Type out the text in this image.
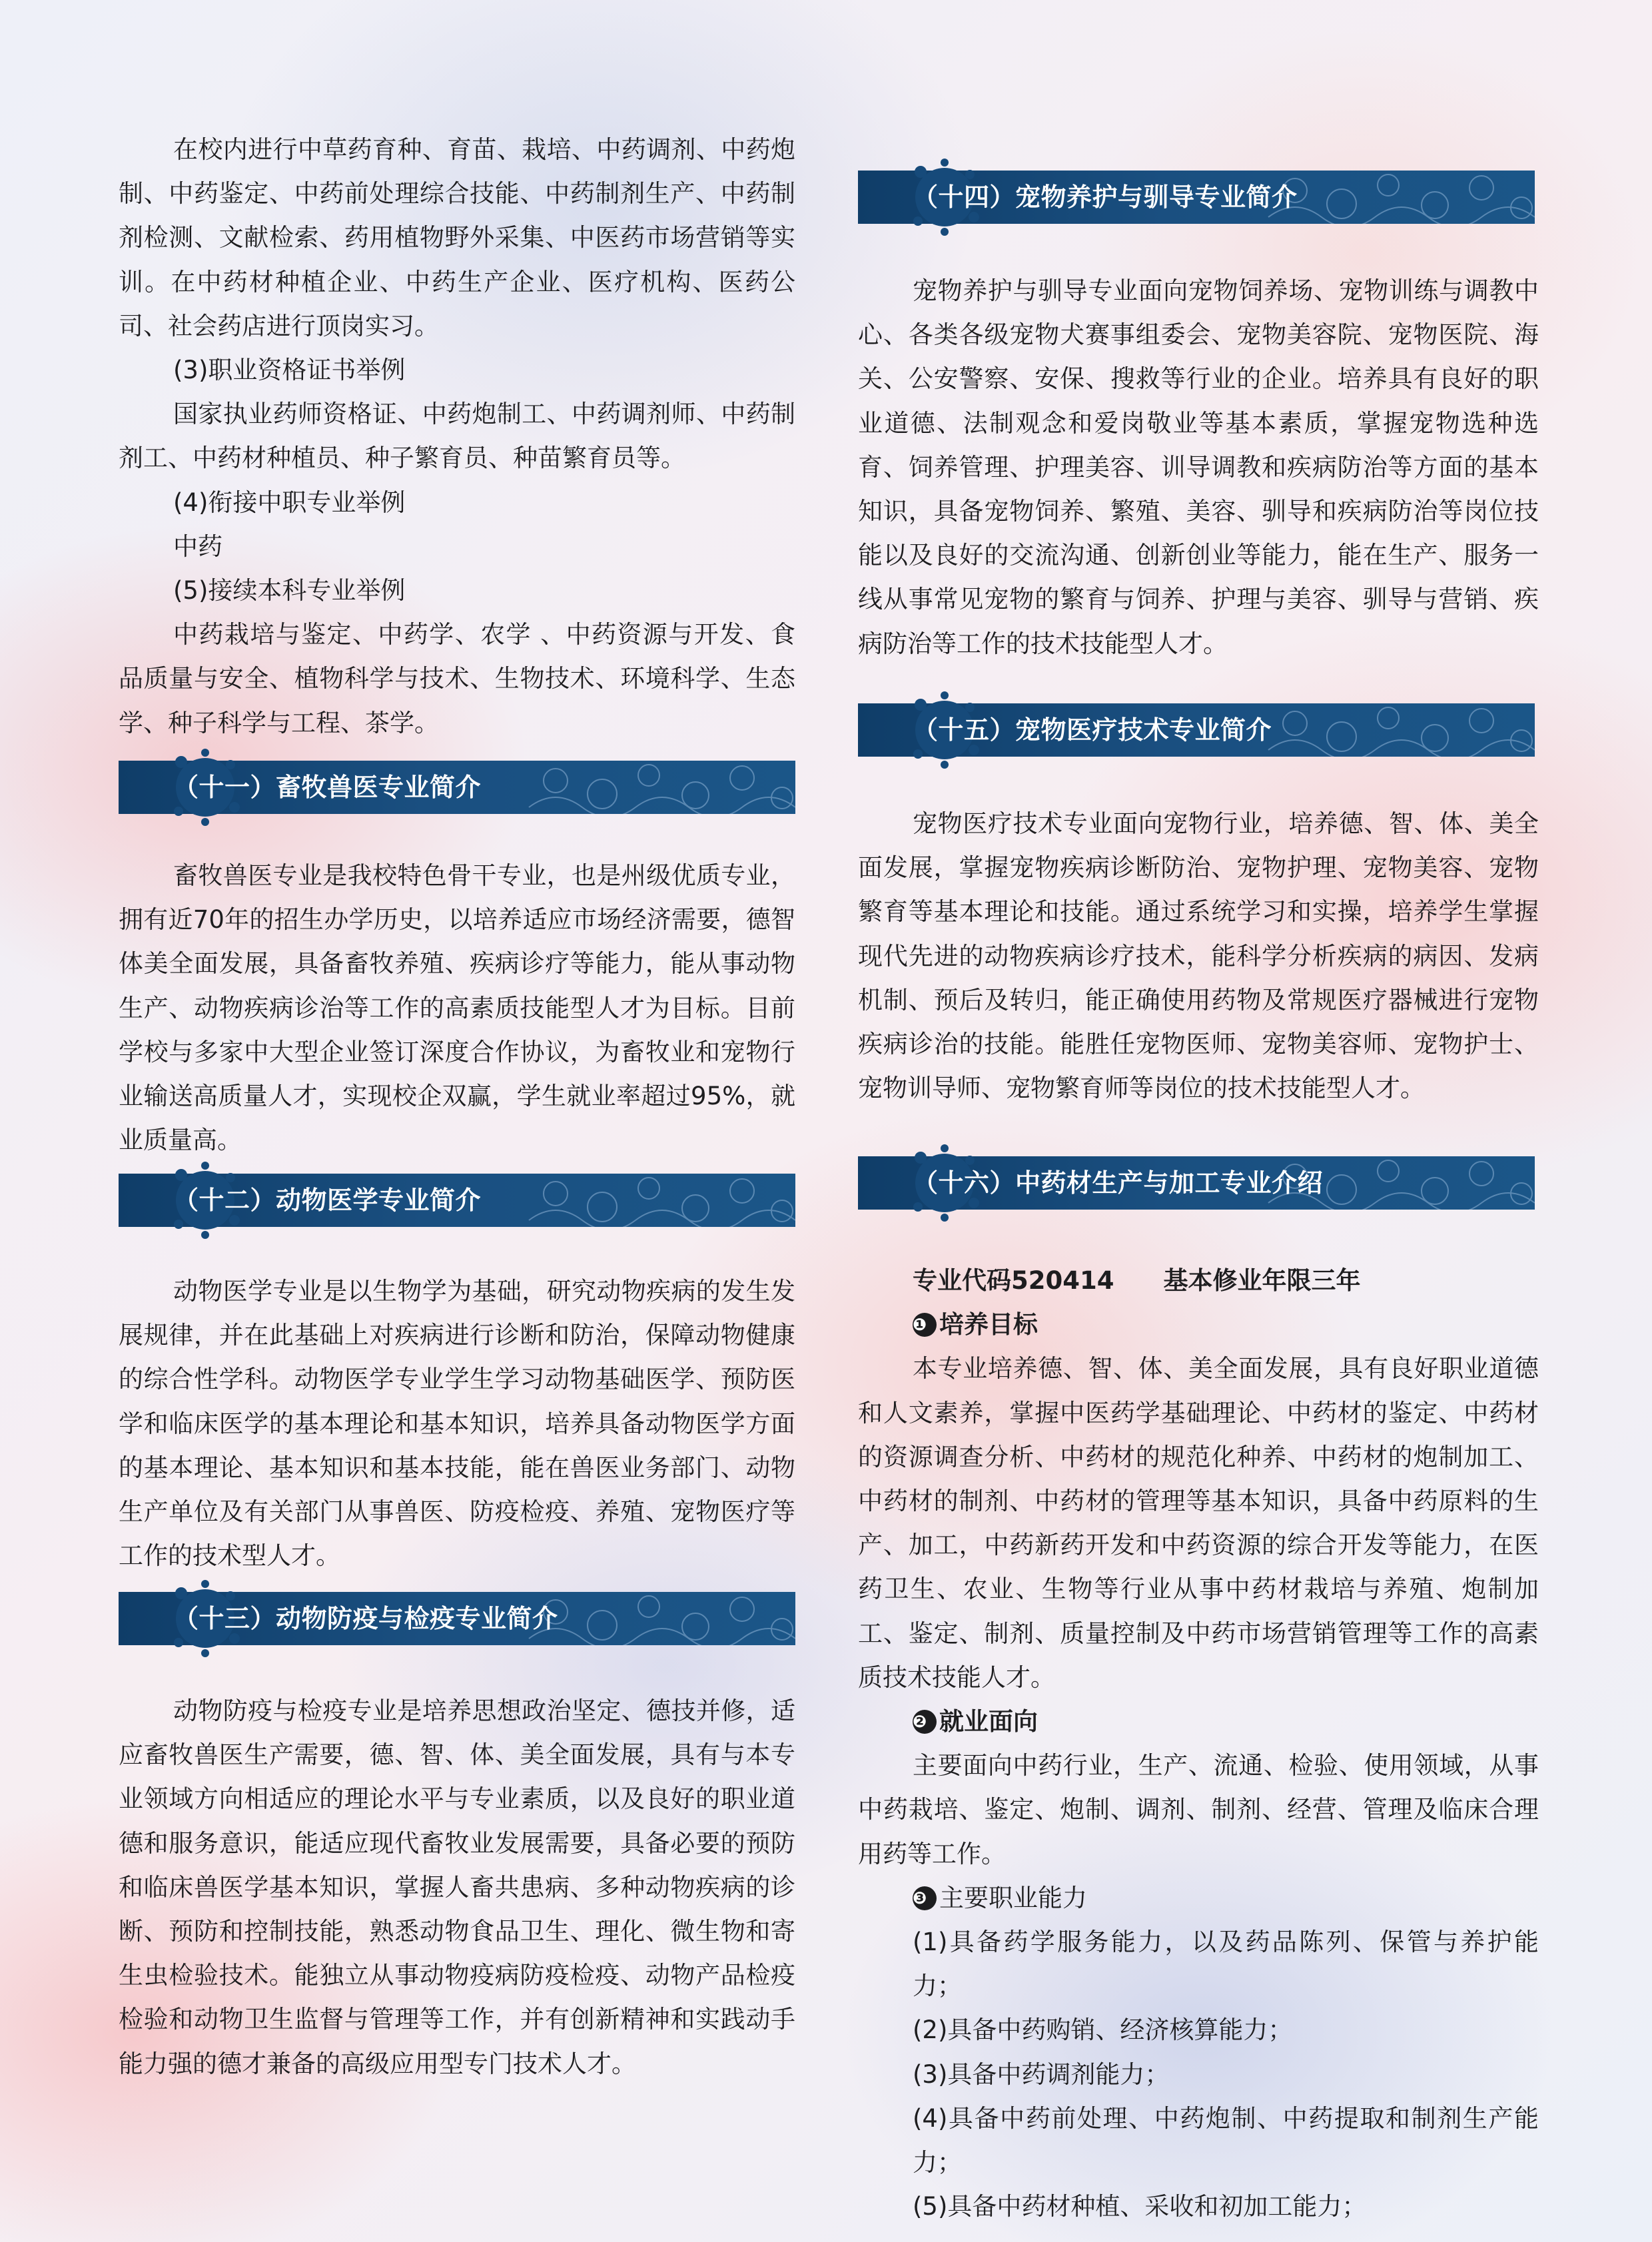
在校内进行中草药育种、育苗、栽培、中药调剂、中药炮制、中药鉴定、中药前处理综合技能、中药制剂生产、中药制剂检测、文献检索、药用植物野外采集、中医药市场营销等实训。在中药材种植企业、中药生产企业、医疗机构、医药公司、社会药店进行顶岗实习。

(3)职业资格证书举例

国家执业药师资格证、中药炮制工、中药调剂师、中药制剂工、中药材种植员、种子繁育员、种苗繁育员等。

(4)衔接中职专业举例

中药

(5)接续本科专业举例

中药栽培与鉴定、中药学、农学 、中药资源与开发、食品质量与安全、植物科学与技术、生物技术、环境科学、生态学、种子科学与工程、茶学。

（十一）畜牧兽医专业简介

畜牧兽医专业是我校特色骨干专业，也是州级优质专业，拥有近70年的招生办学历史，以培养适应市场经济需要，德智体美全面发展，具备畜牧养殖、疾病诊疗等能力，能从事动物生产、动物疾病诊治等工作的高素质技能型人才为目标。目前学校与多家中大型企业签订深度合作协议，为畜牧业和宠物行业输送高质量人才，实现校企双赢，学生就业率超过95%，就业质量高。

（十二）动物医学专业简介

动物医学专业是以生物学为基础，研究动物疾病的发生发展规律，并在此基础上对疾病进行诊断和防治，保障动物健康的综合性学科。动物医学专业学生学习动物基础医学、预防医学和临床医学的基本理论和基本知识，培养具备动物医学方面的基本理论、基本知识和基本技能，能在兽医业务部门、动物生产单位及有关部门从事兽医、防疫检疫、养殖、宠物医疗等工作的技术型人才。

（十三）动物防疫与检疫专业简介

动物防疫与检疫专业是培养思想政治坚定、德技并修，适应畜牧兽医生产需要，德、智、体、美全面发展，具有与本专业领域方向相适应的理论水平与专业素质，以及良好的职业道德和服务意识，能适应现代畜牧业发展需要，具备必要的预防和临床兽医学基本知识，掌握人畜共患病、多种动物疾病的诊断、预防和控制技能，熟悉动物食品卫生、理化、微生物和寄生虫检验技术。能独立从事动物疫病防疫检疫、动物产品检疫检验和动物卫生监督与管理等工作，并有创新精神和实践动手能力强的德才兼备的高级应用型专门技术人才。

（十四）宠物养护与驯导专业简介

宠物养护与驯导专业面向宠物饲养场、宠物训练与调教中心、各类各级宠物犬赛事组委会、宠物美容院、宠物医院、海关、公安警察、安保、搜救等行业的企业。培养具有良好的职业道德、法制观念和爱岗敬业等基本素质，掌握宠物选种选育、饲养管理、护理美容、训导调教和疾病防治等方面的基本知识，具备宠物饲养、繁殖、美容、驯导和疾病防治等岗位技能以及良好的交流沟通、创新创业等能力，能在生产、服务一线从事常见宠物的繁育与饲养、护理与美容、驯导与营销、疾病防治等工作的技术技能型人才。

（十五）宠物医疗技术专业简介

宠物医疗技术专业面向宠物行业，培养德、智、体、美全面发展，掌握宠物疾病诊断防治、宠物护理、宠物美容、宠物繁育等基本理论和技能。通过系统学习和实操，培养学生掌握现代先进的动物疾病诊疗技术，能科学分析疾病的病因、发病机制、预后及转归，能正确使用药物及常规医疗器械进行宠物疾病诊治的技能。能胜任宠物医师、宠物美容师、宠物护士、宠物训导师、宠物繁育师等岗位的技术技能型人才。

（十六）中药材生产与加工专业介绍

专业代码520414　　基本修业年限三年

❶ 培养目标

本专业培养德、智、体、美全面发展，具有良好职业道德和人文素养，掌握中医药学基础理论、中药材的鉴定、中药材的资源调查分析、中药材的规范化种养、中药材的炮制加工、中药材的制剂、中药材的管理等基本知识，具备中药原料的生产、加工，中药新药开发和中药资源的综合开发等能力，在医药卫生、农业、生物等行业从事中药材栽培与养殖、炮制加工、鉴定、制剂、质量控制及中药市场营销管理等工作的高素质技术技能人才。

❷ 就业面向

主要面向中药行业，生产、流通、检验、使用领域，从事中药栽培、鉴定、炮制、调剂、制剂、经营、管理及临床合理用药等工作。

❸ 主要职业能力

(1)具备药学服务能力，以及药品陈列、保管与养护能力；

(2)具备中药购销、经济核算能力；

(3)具备中药调剂能力；

(4)具备中药前处理、中药炮制、中药提取和制剂生产能力；

(5)具备中药材种植、采收和初加工能力；
